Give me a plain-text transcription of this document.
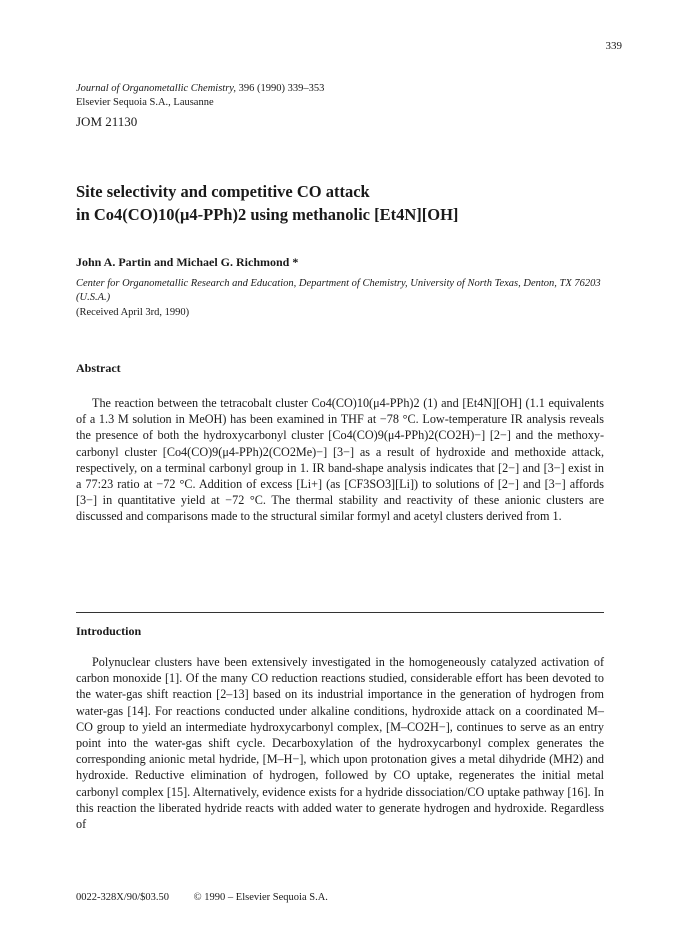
339
Journal of Organometallic Chemistry, 396 (1990) 339–353
Elsevier Sequoia S.A., Lausanne
JOM 21130
Site selectivity and competitive CO attack
in Co4(CO)10(μ4-PPh)2 using methanolic [Et4N][OH]
John A. Partin and Michael G. Richmond *
Center for Organometallic Research and Education, Department of Chemistry, University of North Texas, Denton, TX 76203 (U.S.A.)
(Received April 3rd, 1990)
Abstract
The reaction between the tetracobalt cluster Co4(CO)10(μ4-PPh)2 (1) and [Et4N][OH] (1.1 equivalents of a 1.3 M solution in MeOH) has been examined in THF at −78 °C. Low-temperature IR analysis reveals the presence of both the hydroxycarbonyl cluster [Co4(CO)9(μ4-PPh)2(CO2H)−] [2−] and the methoxy-carbonyl cluster [Co4(CO)9(μ4-PPh)2(CO2Me)−] [3−] as a result of hydroxide and methoxide attack, respectively, on a terminal carbonyl group in 1. IR band-shape analysis indicates that [2−] and [3−] exist in a 77:23 ratio at −72 °C. Addition of excess [Li+] (as [CF3SO3][Li]) to solutions of [2−] and [3−] affords [3−] in quantitative yield at −72 °C. The thermal stability and reactivity of these anionic clusters are discussed and comparisons made to the structural similar formyl and acetyl clusters derived from 1.
Introduction
Polynuclear clusters have been extensively investigated in the homogeneously catalyzed activation of carbon monoxide [1]. Of the many CO reduction reactions studied, considerable effort has been devoted to the water-gas shift reaction [2–13] based on its industrial importance in the generation of hydrogen from water-gas [14]. For reactions conducted under alkaline conditions, hydroxide attack on a coordinated M–CO group to yield an intermediate hydroxycarbonyl complex, [M–CO2H−], continues to serve as an entry point into the water-gas shift cycle. Decarboxylation of the hydroxycarbonyl complex generates the corresponding anionic metal hydride, [M–H−], which upon protonation gives a metal dihydride (MH2) and hydroxide. Reductive elimination of hydrogen, followed by CO uptake, regenerates the initial metal carbonyl complex [15]. Alternatively, evidence exists for a hydride dissociation/CO uptake pathway [16]. In this reaction the liberated hydride reacts with added water to generate hydrogen and hydroxide. Regardless of
0022-328X/90/$03.50 © 1990 – Elsevier Sequoia S.A.
